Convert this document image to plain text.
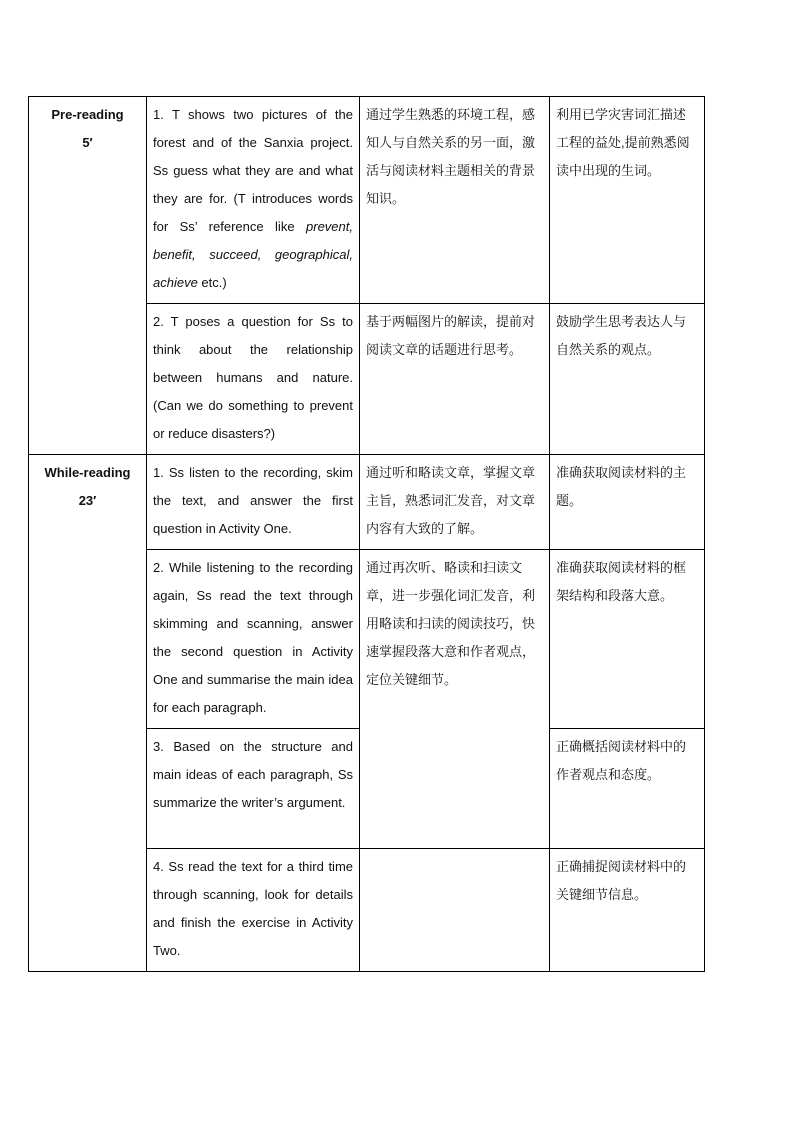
Pre-reading
5′	1. T shows two pictures of the forest and of the Sanxia project. Ss guess what they are and what they are for. (T introduces words for Ss’ reference like prevent, benefit, succeed, geographical, achieve etc.)	通过学生熟悉的环境工程，感知人与自然关系的另一面，激活与阅读材料主题相关的背景知识。	利用已学灾害词汇描述工程的益处,提前熟悉阅读中出现的生词。
	2. T poses a question for Ss to think about the relationship between humans and nature. (Can we do something to prevent or reduce disasters?)	基于两幅图片的解读，提前对阅读文章的话题进行思考。	鼓励学生思考表达人与自然关系的观点。

While-reading
23′	1. Ss listen to the recording, skim the text, and answer the first question in Activity One.	通过听和略读文章，掌握文章主旨，熟悉词汇发音，对文章内容有大致的了解。	准确获取阅读材料的主题。
	2. While listening to the recording again, Ss read the text through skimming and scanning, answer the second question in Activity One and summarise the main idea for each paragraph.	通过再次听、略读和扫读文章，进一步强化词汇发音，利用略读和扫读的阅读技巧，快速掌握段落大意和作者观点，定位关键细节。	准确获取阅读材料的框架结构和段落大意。
	3. Based on the structure and main ideas of each paragraph, Ss summarize the writer’s argument.		正确概括阅读材料中的作者观点和态度。
	4. Ss read the text for a third time through scanning, look for details and finish the exercise in Activity Two.		正确捕捉阅读材料中的关键细节信息。
